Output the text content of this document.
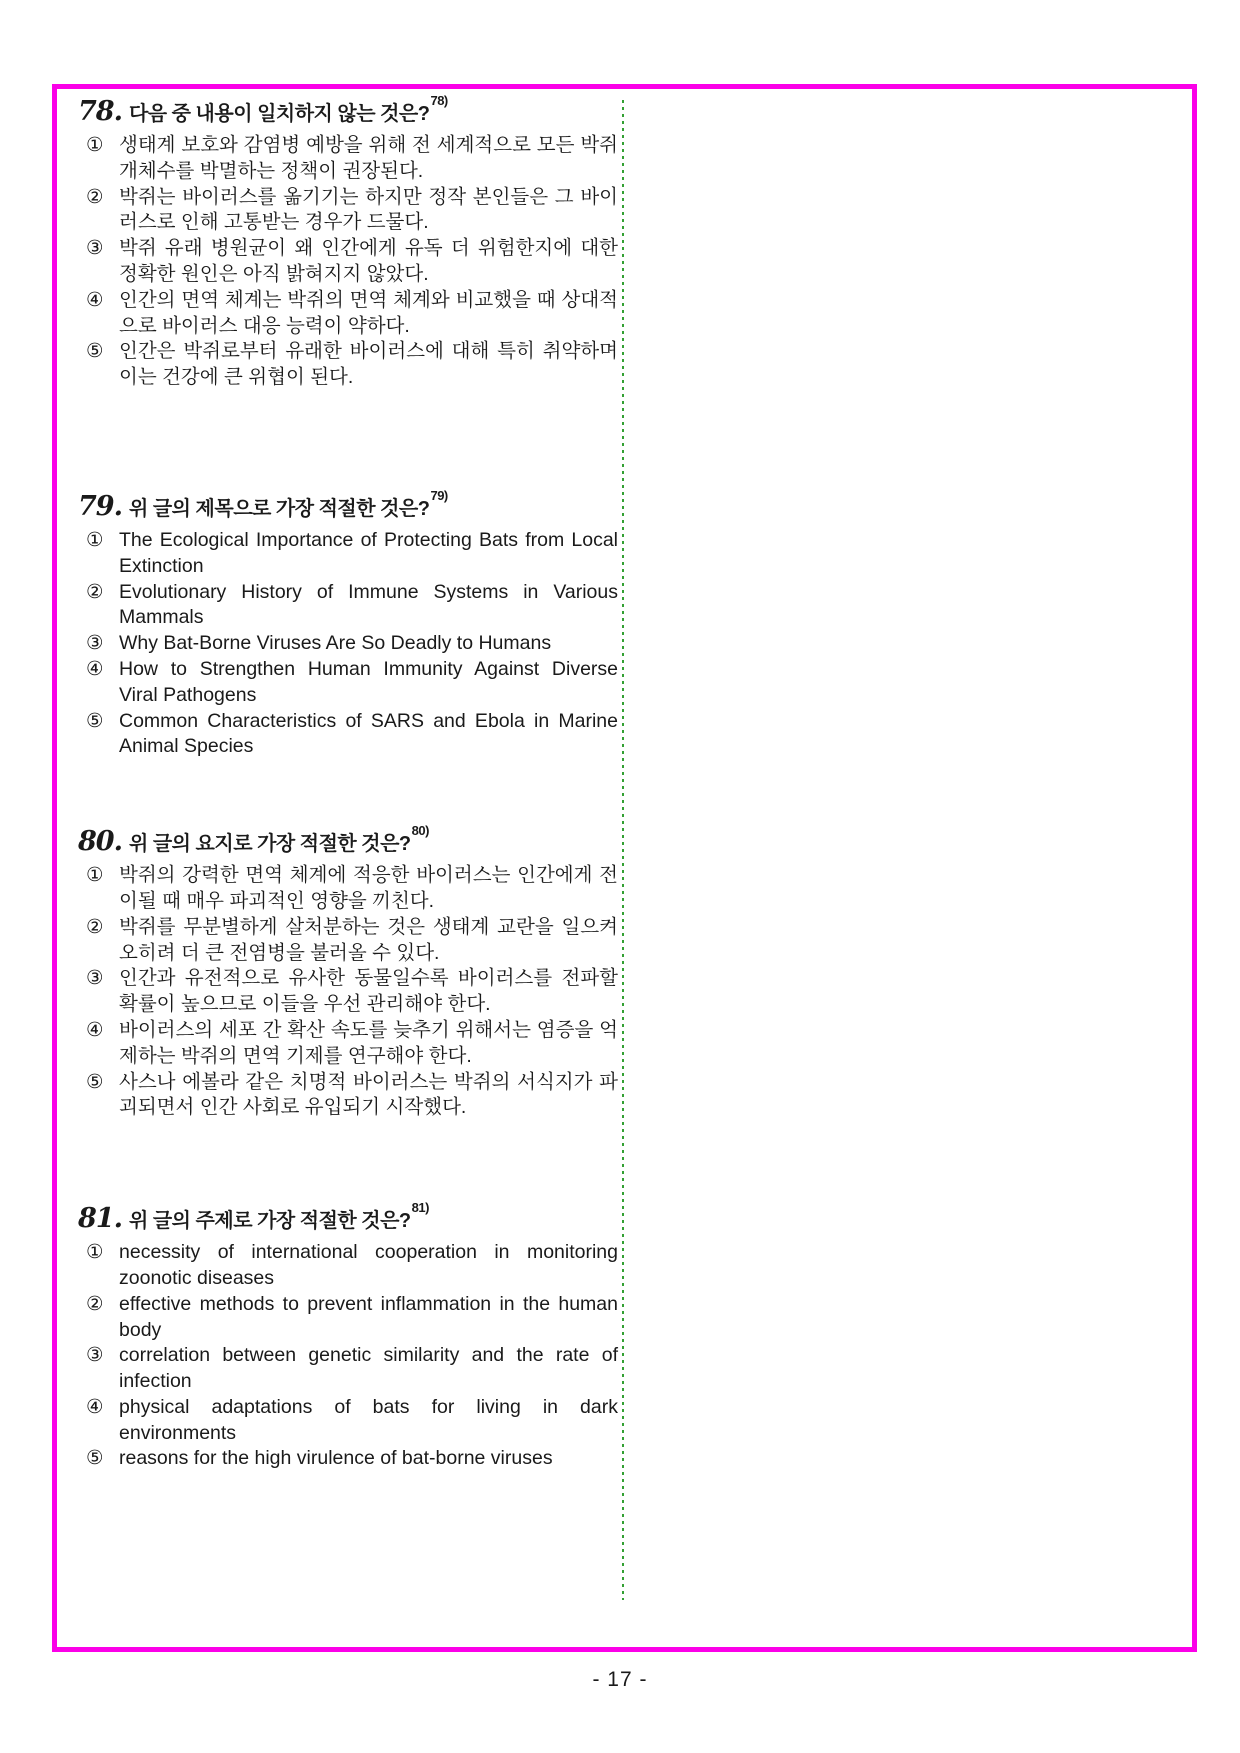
78. 다음 중 내용이 일치하지 않는 것은?$^{78)}$
① 생태계 보호와 감염병 예방을 위해 전 세계적으로 모든 박쥐 개체수를 박멸하는 정책이 권장된다.
② 박쥐는 바이러스를 옮기기는 하지만 정작 본인들은 그 바이러스로 인해 고통받는 경우가 드물다.
③ 박쥐 유래 병원균이 왜 인간에게 유독 더 위험한지에 대한 정확한 원인은 아직 밝혀지지 않았다.
④ 인간의 면역 체계는 박쥐의 면역 체계와 비교했을 때 상대적으로 바이러스 대응 능력이 약하다.
⑤ 인간은 박쥐로부터 유래한 바이러스에 대해 특히 취약하며 이는 건강에 큰 위협이 된다.
79. 위 글의 제목으로 가장 적절한 것은?$^{79)}$
① The Ecological Importance of Protecting Bats from Local Extinction
② Evolutionary History of Immune Systems in Various Mammals
③ Why Bat-Borne Viruses Are So Deadly to Humans
④ How to Strengthen Human Immunity Against Diverse Viral Pathogens
⑤ Common Characteristics of SARS and Ebola in Marine Animal Species
80. 위 글의 요지로 가장 적절한 것은?$^{80)}$
① 박쥐의 강력한 면역 체계에 적응한 바이러스는 인간에게 전이될 때 매우 파괴적인 영향을 끼친다.
② 박쥐를 무분별하게 살처분하는 것은 생태계 교란을 일으켜 오히려 더 큰 전염병을 불러올 수 있다.
③ 인간과 유전적으로 유사한 동물일수록 바이러스를 전파할 확률이 높으므로 이들을 우선 관리해야 한다.
④ 바이러스의 세포 간 확산 속도를 늦추기 위해서는 염증을 억제하는 박쥐의 면역 기제를 연구해야 한다.
⑤ 사스나 에볼라 같은 치명적 바이러스는 박쥐의 서식지가 파괴되면서 인간 사회로 유입되기 시작했다.
81. 위 글의 주제로 가장 적절한 것은?$^{81)}$
① necessity of international cooperation in monitoring zoonotic diseases
② effective methods to prevent inflammation in the human body
③ correlation between genetic similarity and the rate of infection
④ physical adaptations of bats for living in dark environments
⑤ reasons for the high virulence of bat-borne viruses
- 17 -
